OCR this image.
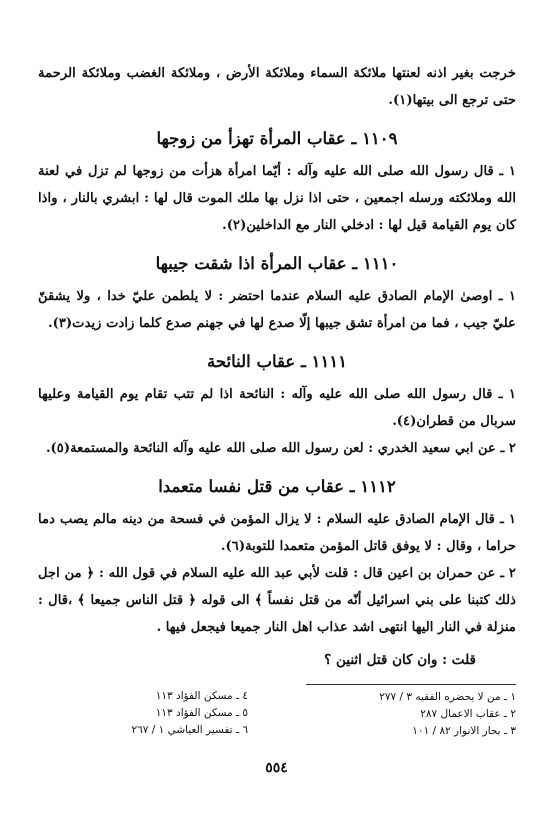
خرجت بغير اذنه لعنتها ملائكة السماء وملائكة الأرض ، وملائكة الغضب وملائكة الرحمة حتى ترجع الى بيتها(١).

١١٠٩ ـ عقاب المرأة تهزأ من زوجها

١ ـ قال رسول الله صلى الله عليه وآله : أيّما امرأة هزأت من زوجها لم تزل في لعنة الله وملائكته ورسله اجمعين ، حتى اذا نزل بها ملك الموت قال لها : ابشري بالنار ، واذا كان يوم القيامة قيل لها : ادخلي النار مع الداخلين(٢).

١١١٠ ـ عقاب المرأة اذا شقت جيبها

١ ـ اوصىٰ الإمام الصادق عليه السلام عندما احتضر : لا يلطمن عليّ خدا ، ولا يشقنّ عليّ جيب ، فما من امرأة تشق جيبها إلّا صدع لها في جهنم صدع كلما زادت زيدت(٣).

١١١١ ـ عقاب النائحة

١ ـ قال رسول الله صلى الله عليه وآله : النائحة اذا لم تتب تقام يوم القيامة وعليها سربال من قطران(٤).

٢ ـ عن ابي سعيد الخدري : لعن رسول الله صلى الله عليه وآله النائحة والمستمعة(٥).

١١١٢ ـ عقاب من قتل نفسا متعمدا

١ ـ قال الإمام الصادق عليه السلام : لا يزال المؤمن في فسحة من دينه مالم يصب دما حراما ، وقال : لا يوفق قاتل المؤمن متعمدا للتوبة(٦).

٢ ـ عن حمران بن اعين قال : قلت لأبي عبد الله عليه السلام في قول الله : ﴿ من اجل ذلك كتبنا على بني اسرائيل أنّه من قتل نفساً ﴾ الى قوله ﴿ قتل الناس جميعا ﴾ ،قال : منزلة في النار اليها انتهى اشد عذاب اهل النار جميعا فيجعل فيها .

قلت : وان كان قتل اثنين ؟

١ ـ من لا يحضره الفقيه ٣ / ٢٧٧
٢ ـ عقاب الاعمال ٢٨٧
٣ ـ بحار الانوار ٨٢ / ١٠١
٤ ـ مسكن الفؤاد ١١٣
٥ ـ مسكن الفؤاد ١١٣
٦ ـ تفسير العياشي ١ / ٢٦٧
٥٥٤
